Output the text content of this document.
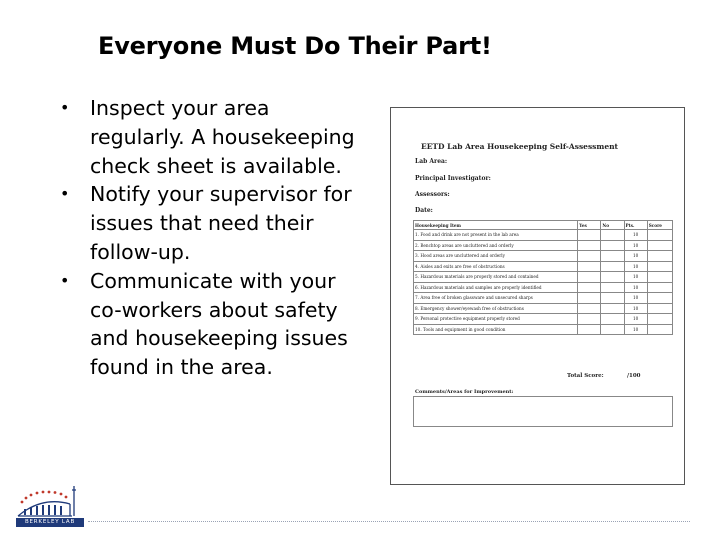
Everyone Must Do Their Part!
• Inspect your area regularly. A housekeeping check sheet is available.
• Notify your supervisor for issues that need their follow-up.
• Communicate with your co-workers about safety and housekeeping issues found in the area.
EETD Lab Area Housekeeping Self-Assessment
Lab Area:
Principal Investigator:
Assessors:
Date:
Housekeeping Item	Yes	No	Pts.	Score
1. Food and drink are not present in the lab area			10	
2. Benchtop areas are uncluttered and orderly			10	
3. Hood areas are uncluttered and orderly			10	
4. Aisles and exits are free of obstructions			10	
5. Hazardous materials are properly stored and contained			10	
6. Hazardous materials and samples are properly identified			10	
7. Area free of broken glassware and unsecured sharps			10	
8. Emergency shower/eyewash free of obstructions			10	
9. Personal protective equipment properly stored			10	
10. Tools and equipment in good condition			10	
Total Score:	/100
Comments/Areas for Improvement:
BERKELEY LAB
